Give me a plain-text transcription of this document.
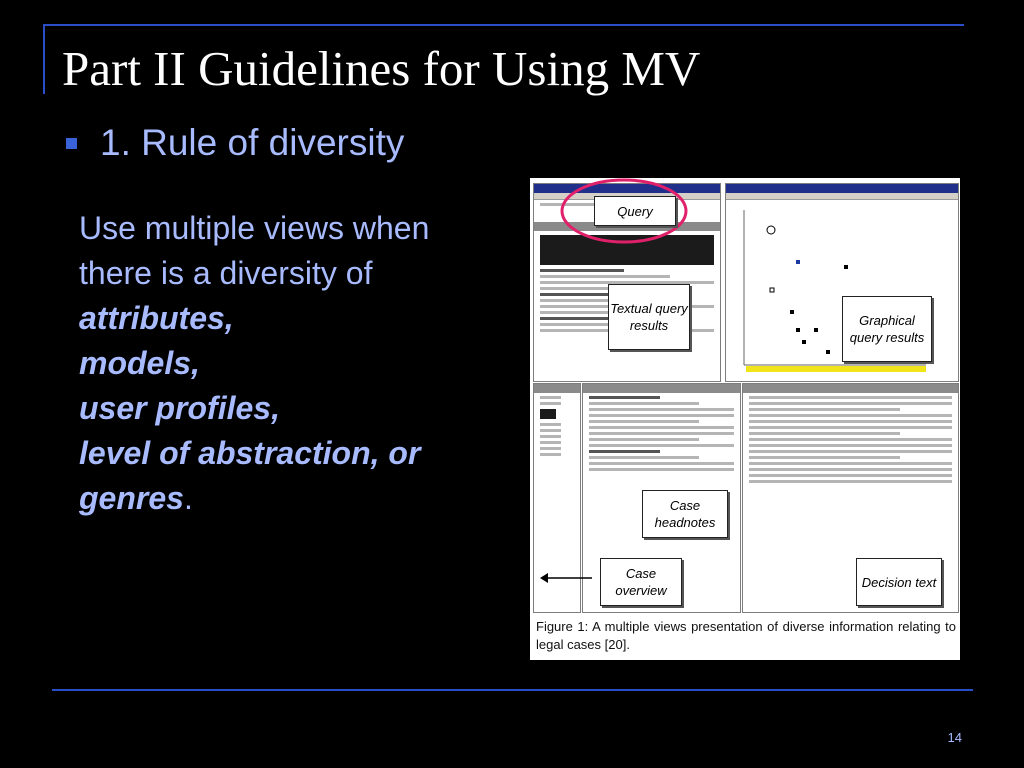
Part II Guidelines for Using MV
1. Rule of diversity
Use multiple views when
there is a diversity of
attributes,
models,
user profiles,
level of abstraction, or
genres.
Query
Textual query results	Graphical query results
Case headnotes
Case overview
Decision text
Figure 1: A multiple views presentation of diverse information relating to legal cases [20].
14
